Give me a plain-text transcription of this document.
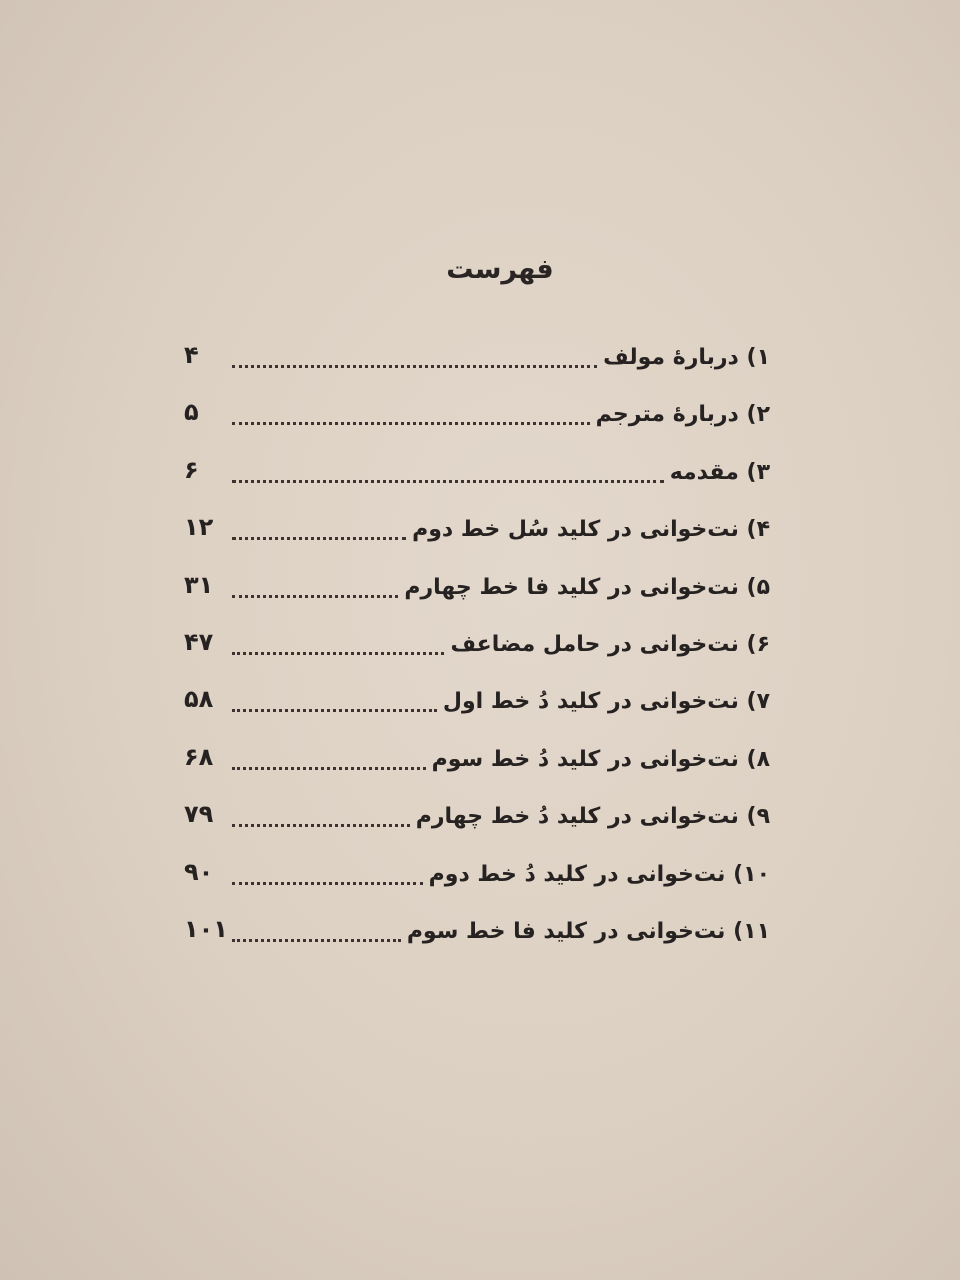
فهرست
۱) دربارهٔ مولف
۴
۲) دربارهٔ مترجم
۵
۳) مقدمه
۶
۴) نت‌خوانی در کلید سُل خط دوم
۱۲
۵) نت‌خوانی در کلید فا خط چهارم
۳۱
۶) نت‌خوانی در حامل مضاعف
۴۷
۷) نت‌خوانی در کلید دُ خط اول
۵۸
۸) نت‌خوانی در کلید دُ خط سوم
۶۸
۹) نت‌خوانی در کلید دُ خط چهارم
۷۹
۱۰) نت‌خوانی در کلید دُ خط دوم
۹۰
۱۱) نت‌خوانی در کلید فا خط سوم
۱۰۱
